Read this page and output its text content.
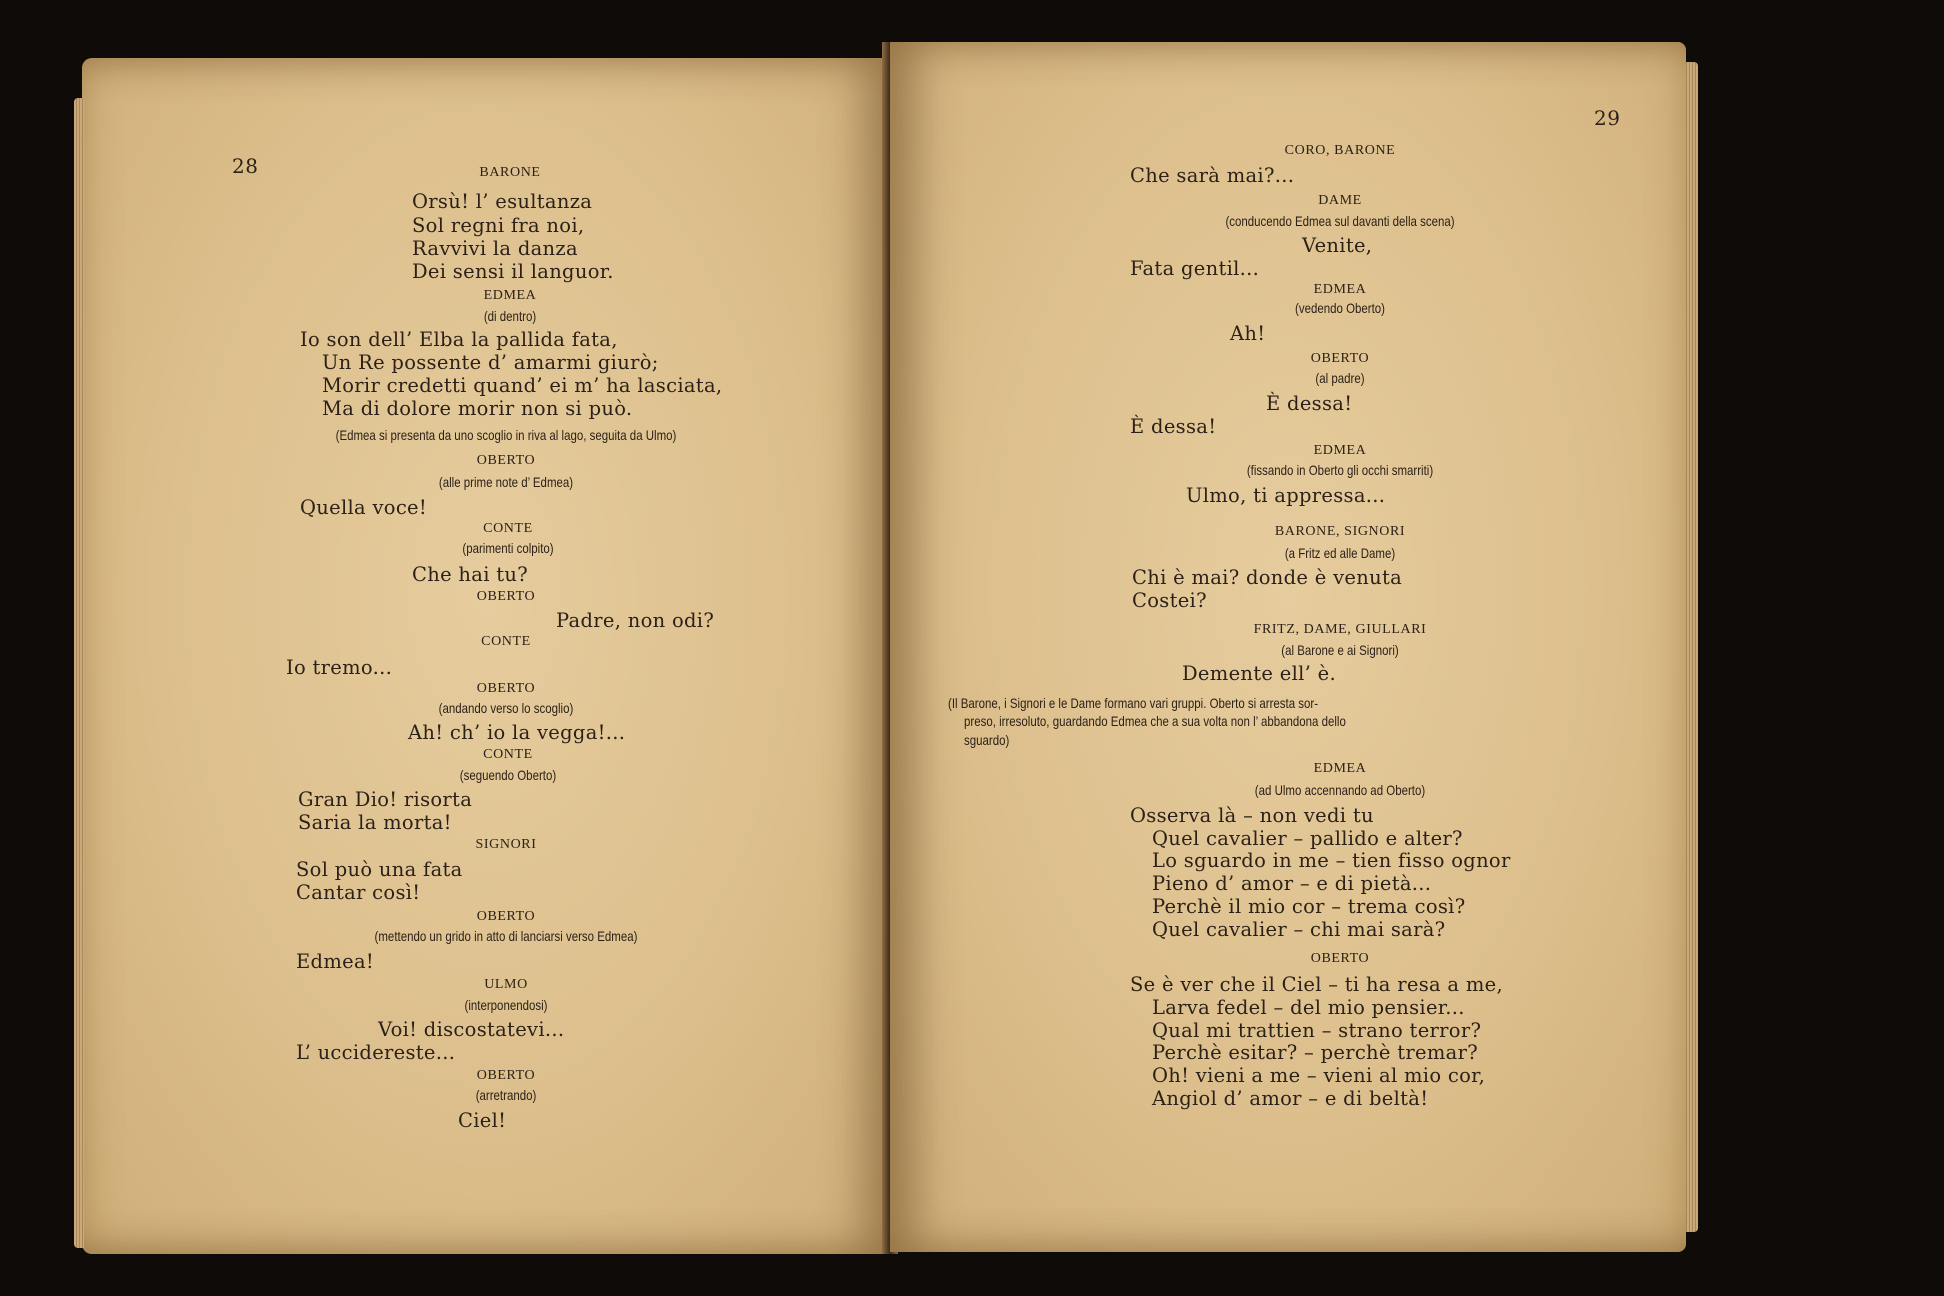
28	BARONE
Orsù! l’ esultanza
Sol regni fra noi,
Ravvivi la danza
Dei sensi il languor.
EDMEA
(di dentro)
Io son dell’ Elba la pallida fata,
Un Re possente d’ amarmi giurò;
Morir credetti quand’ ei m’ ha lasciata,
Ma di dolore morir non si può.
(Edmea si presenta da uno scoglio in riva al lago, seguita da Ulmo)
OBERTO
(alle prime note d’ Edmea)
Quella voce!
CONTE
(parimenti colpito)
Che hai tu?
OBERTO
Padre, non odi?
CONTE
Io tremo...
OBERTO
(andando verso lo scoglio)
Ah! ch’ io la vegga!...
CONTE
(seguendo Oberto)
Gran Dio! risorta
Saria la morta!
SIGNORI
Sol può una fata
Cantar così!
OBERTO
(mettendo un grido in atto di lanciarsi verso Edmea)
Edmea!
ULMO
(interponendosi)
Voi! discostatevi...
L’ uccidereste...
OBERTO
(arretrando)
Ciel!
29
CORO, BARONE
Che sarà mai?...
DAME
(conducendo Edmea sul davanti della scena)
Venite,
Fata gentil...
EDMEA
(vedendo Oberto)
Ah!
OBERTO
(al padre)
È dessa!
È dessa!
EDMEA
(fissando in Oberto gli occhi smarriti)
Ulmo, ti appressa...
BARONE, SIGNORI
(a Fritz ed alle Dame)
Chi è mai? donde è venuta
Costei?
FRITZ, DAME, GIULLARI
(al Barone e ai Signori)
Demente ell’ è.
(Il Barone, i Signori e le Dame formano vari gruppi. Oberto si arresta sor-
preso, irresoluto, guardando Edmea che a sua volta non l’ abbandona dello
sguardo)
EDMEA
(ad Ulmo accennando ad Oberto)
Osserva là – non vedi tu
Quel cavalier – pallido e alter?
Lo sguardo in me – tien fisso ognor
Pieno d’ amor – e di pietà...
Perchè il mio cor – trema così?
Quel cavalier – chi mai sarà?
OBERTO
Se è ver che il Ciel – ti ha resa a me,
Larva fedel – del mio pensier...
Qual mi trattien – strano terror?
Perchè esitar? – perchè tremar?
Oh! vieni a me – vieni al mio cor,
Angiol d’ amor – e di beltà!
